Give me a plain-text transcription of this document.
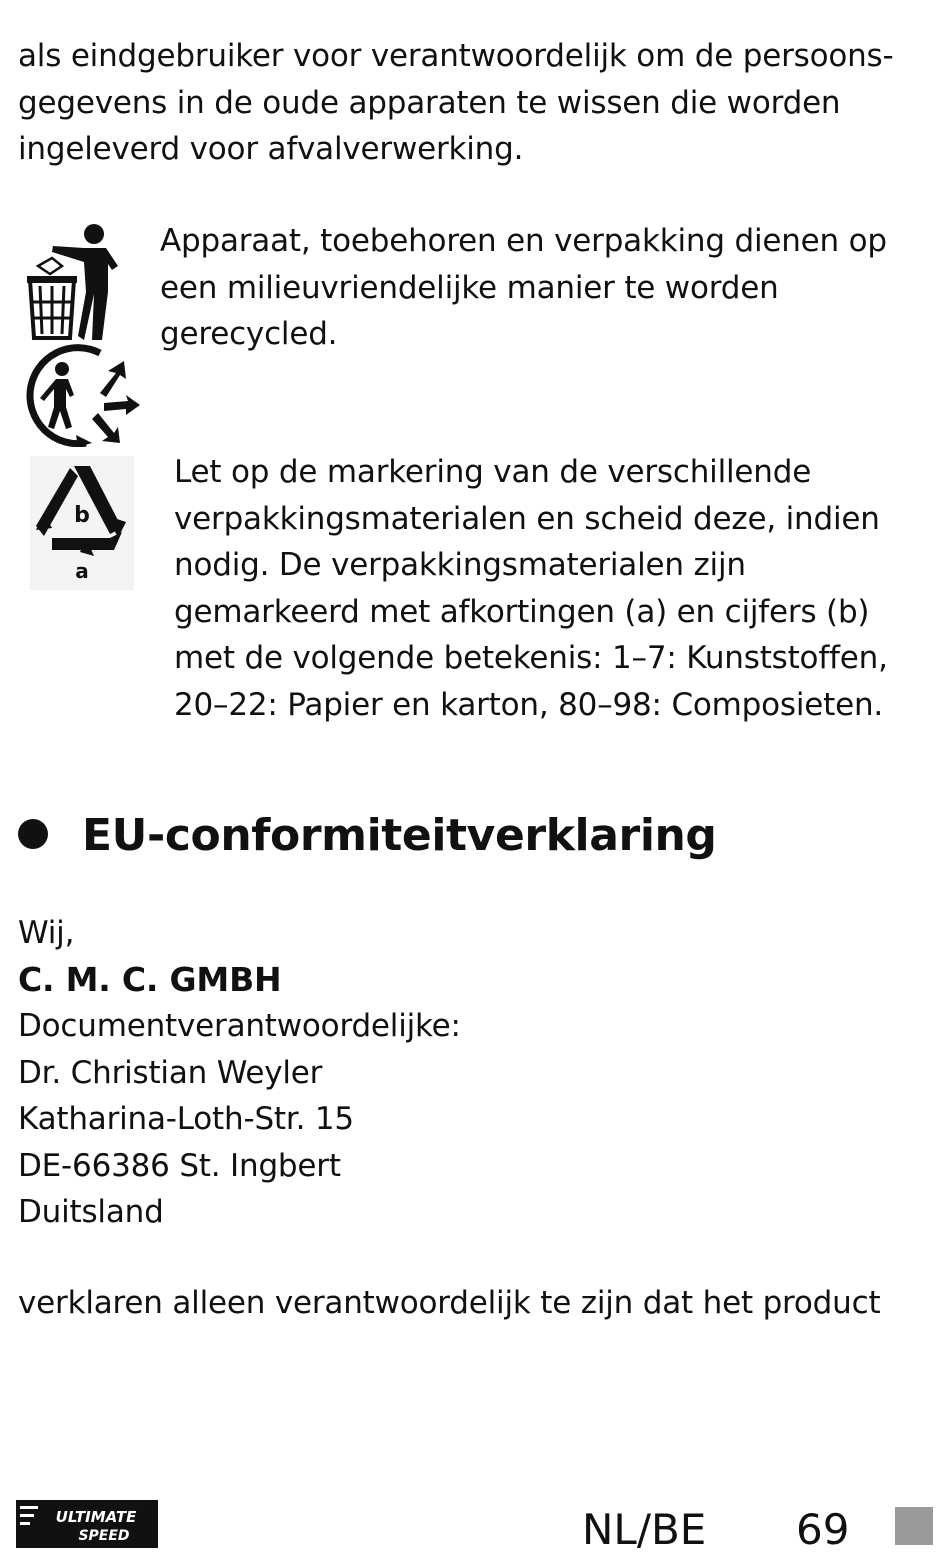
als eindgebruiker voor verantwoordelijk om de persoons-
gegevens in de oude apparaten te wissen die worden
ingeleverd voor afvalverwerking.

Apparaat, toebehoren en verpakking dienen op
een milieuvriendelijke manier te worden
gerecycled.

b
a

Let op de markering van de verschillende
verpakkingsmaterialen en scheid deze, indien
nodig. De verpakkingsmaterialen zijn
gemarkeerd met afkortingen (a) en cijfers (b)
met de volgende betekenis: 1–7: Kunststoffen,
20–22: Papier en karton, 80–98: Composieten.

EU-conformiteitverklaring
Wij,
C. M. C. GMBH
Documentverantwoordelijke:
Dr. Christian Weyler
Katharina-Loth-Str. 15
DE-66386 St. Ingbert
Duitsland

verklaren alleen verantwoordelijk te zijn dat het product

ULTIMATE
SPEED	NL/BE 69
